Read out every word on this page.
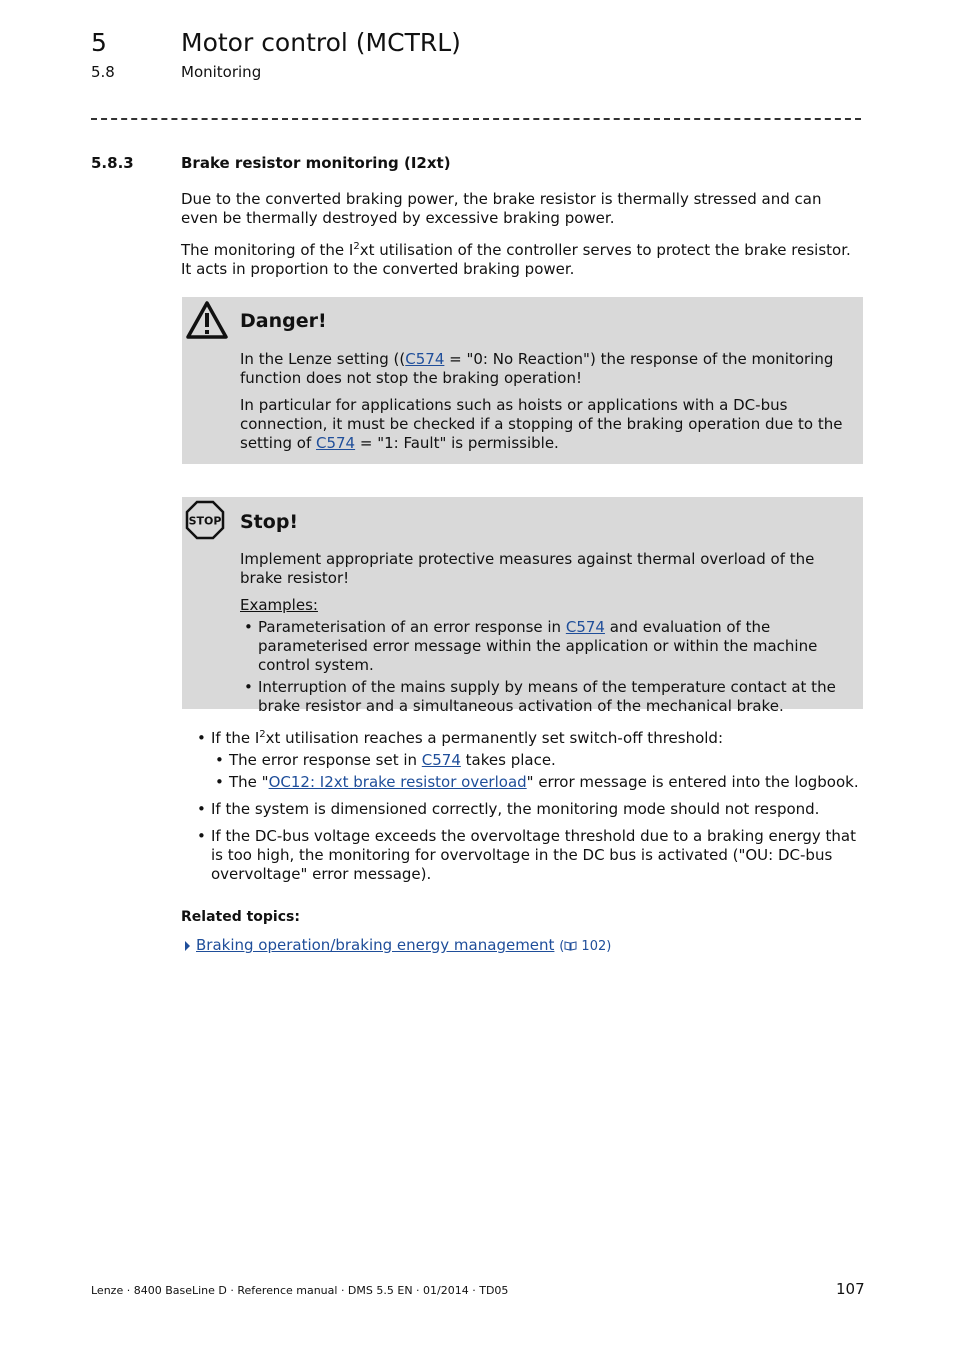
5	Motor control (MCTRL)
5.8	Monitoring
5.8.3	Brake resistor monitoring (I2xt)

Due to the converted braking power, the brake resistor is thermally stressed and can even be thermally destroyed by excessive braking power.

The monitoring of the $I^2xt$ utilisation of the controller serves to protect the brake resistor. It acts in proportion to the converted braking power.

Danger!

In the Lenze setting ((C574 = "0: No Reaction") the response of the monitoring function does not stop the braking operation!

In particular for applications such as hoists or applications with a DC-bus connection, it must be checked if a stopping of the braking operation due to the setting of C574 = "1: Fault" is permissible.

STOP Stop!

Implement appropriate protective measures against thermal overload of the brake resistor!

Examples:

• Parameterisation of an error response in C574 and evaluation of the parameterised error message within the application or within the machine control system.
• Interruption of the mains supply by means of the temperature contact at the brake resistor and a simultaneous activation of the mechanical brake.
• If the $I^2xt$ utilisation reaches a permanently set switch-off threshold:
• The error response set in C574 takes place.
• The "OC12: I2xt brake resistor overload" error message is entered into the logbook.
• If the system is dimensioned correctly, the monitoring mode should not respond.
• If the DC-bus voltage exceeds the overvoltage threshold due to a braking energy that is too high, the monitoring for overvoltage in the DC bus is activated ("OU: DC-bus overvoltage" error message).
Related topics:
Braking operation/braking energy management ( 102)
Lenze · 8400 BaseLine D · Reference manual · DMS 5.5 EN · 01/2014 · TD05	107
